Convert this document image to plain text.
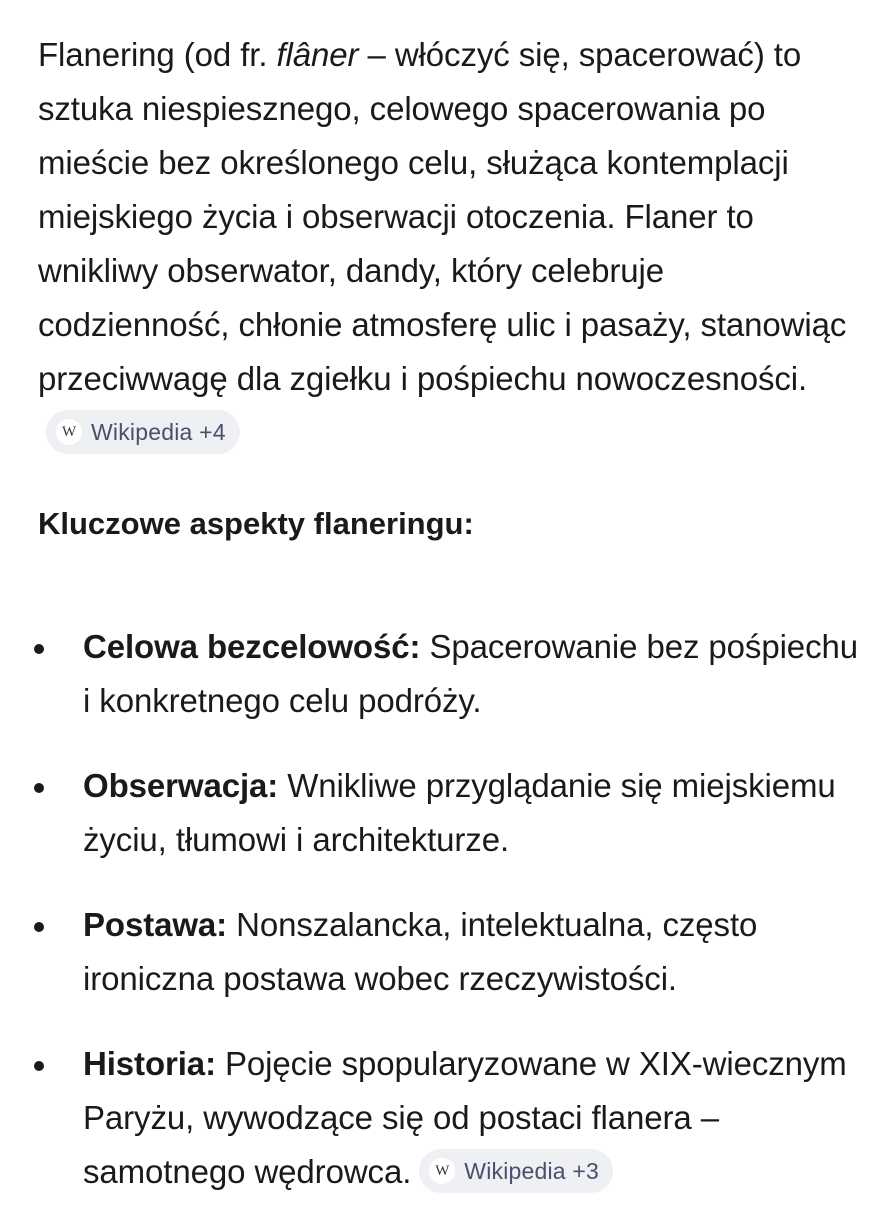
Flanering (od fr. flâner – włóczyć się, spacerować) to sztuka niespiesznego, celowego spacerowania po mieście bez określonego celu, służąca kontemplacji miejskiego życia i obserwacji otoczenia. Flaner to wnikliwy obserwator, dandy, który celebruje codzienność, chłonie atmosferę ulic i pasaży, stanowiąc przeciwwagę dla zgiełku i pośpiechu nowoczesności.
W Wikipedia +4

Kluczowe aspekty flaneringu:
Celowa bezcelowość: Spacerowanie bez pośpiechu i konkretnego celu podróży.
Obserwacja: Wnikliwe przyglądanie się miejskiemu życiu, tłumowi i architekturze.
Postawa: Nonszalancka, intelektualna, często ironiczna postawa wobec rzeczywistości.
Historia: Pojęcie spopularyzowane w XIX-wiecznym Paryżu, wywodzące się od postaci flanera – samotnego wędrowca.	W Wikipedia +3
